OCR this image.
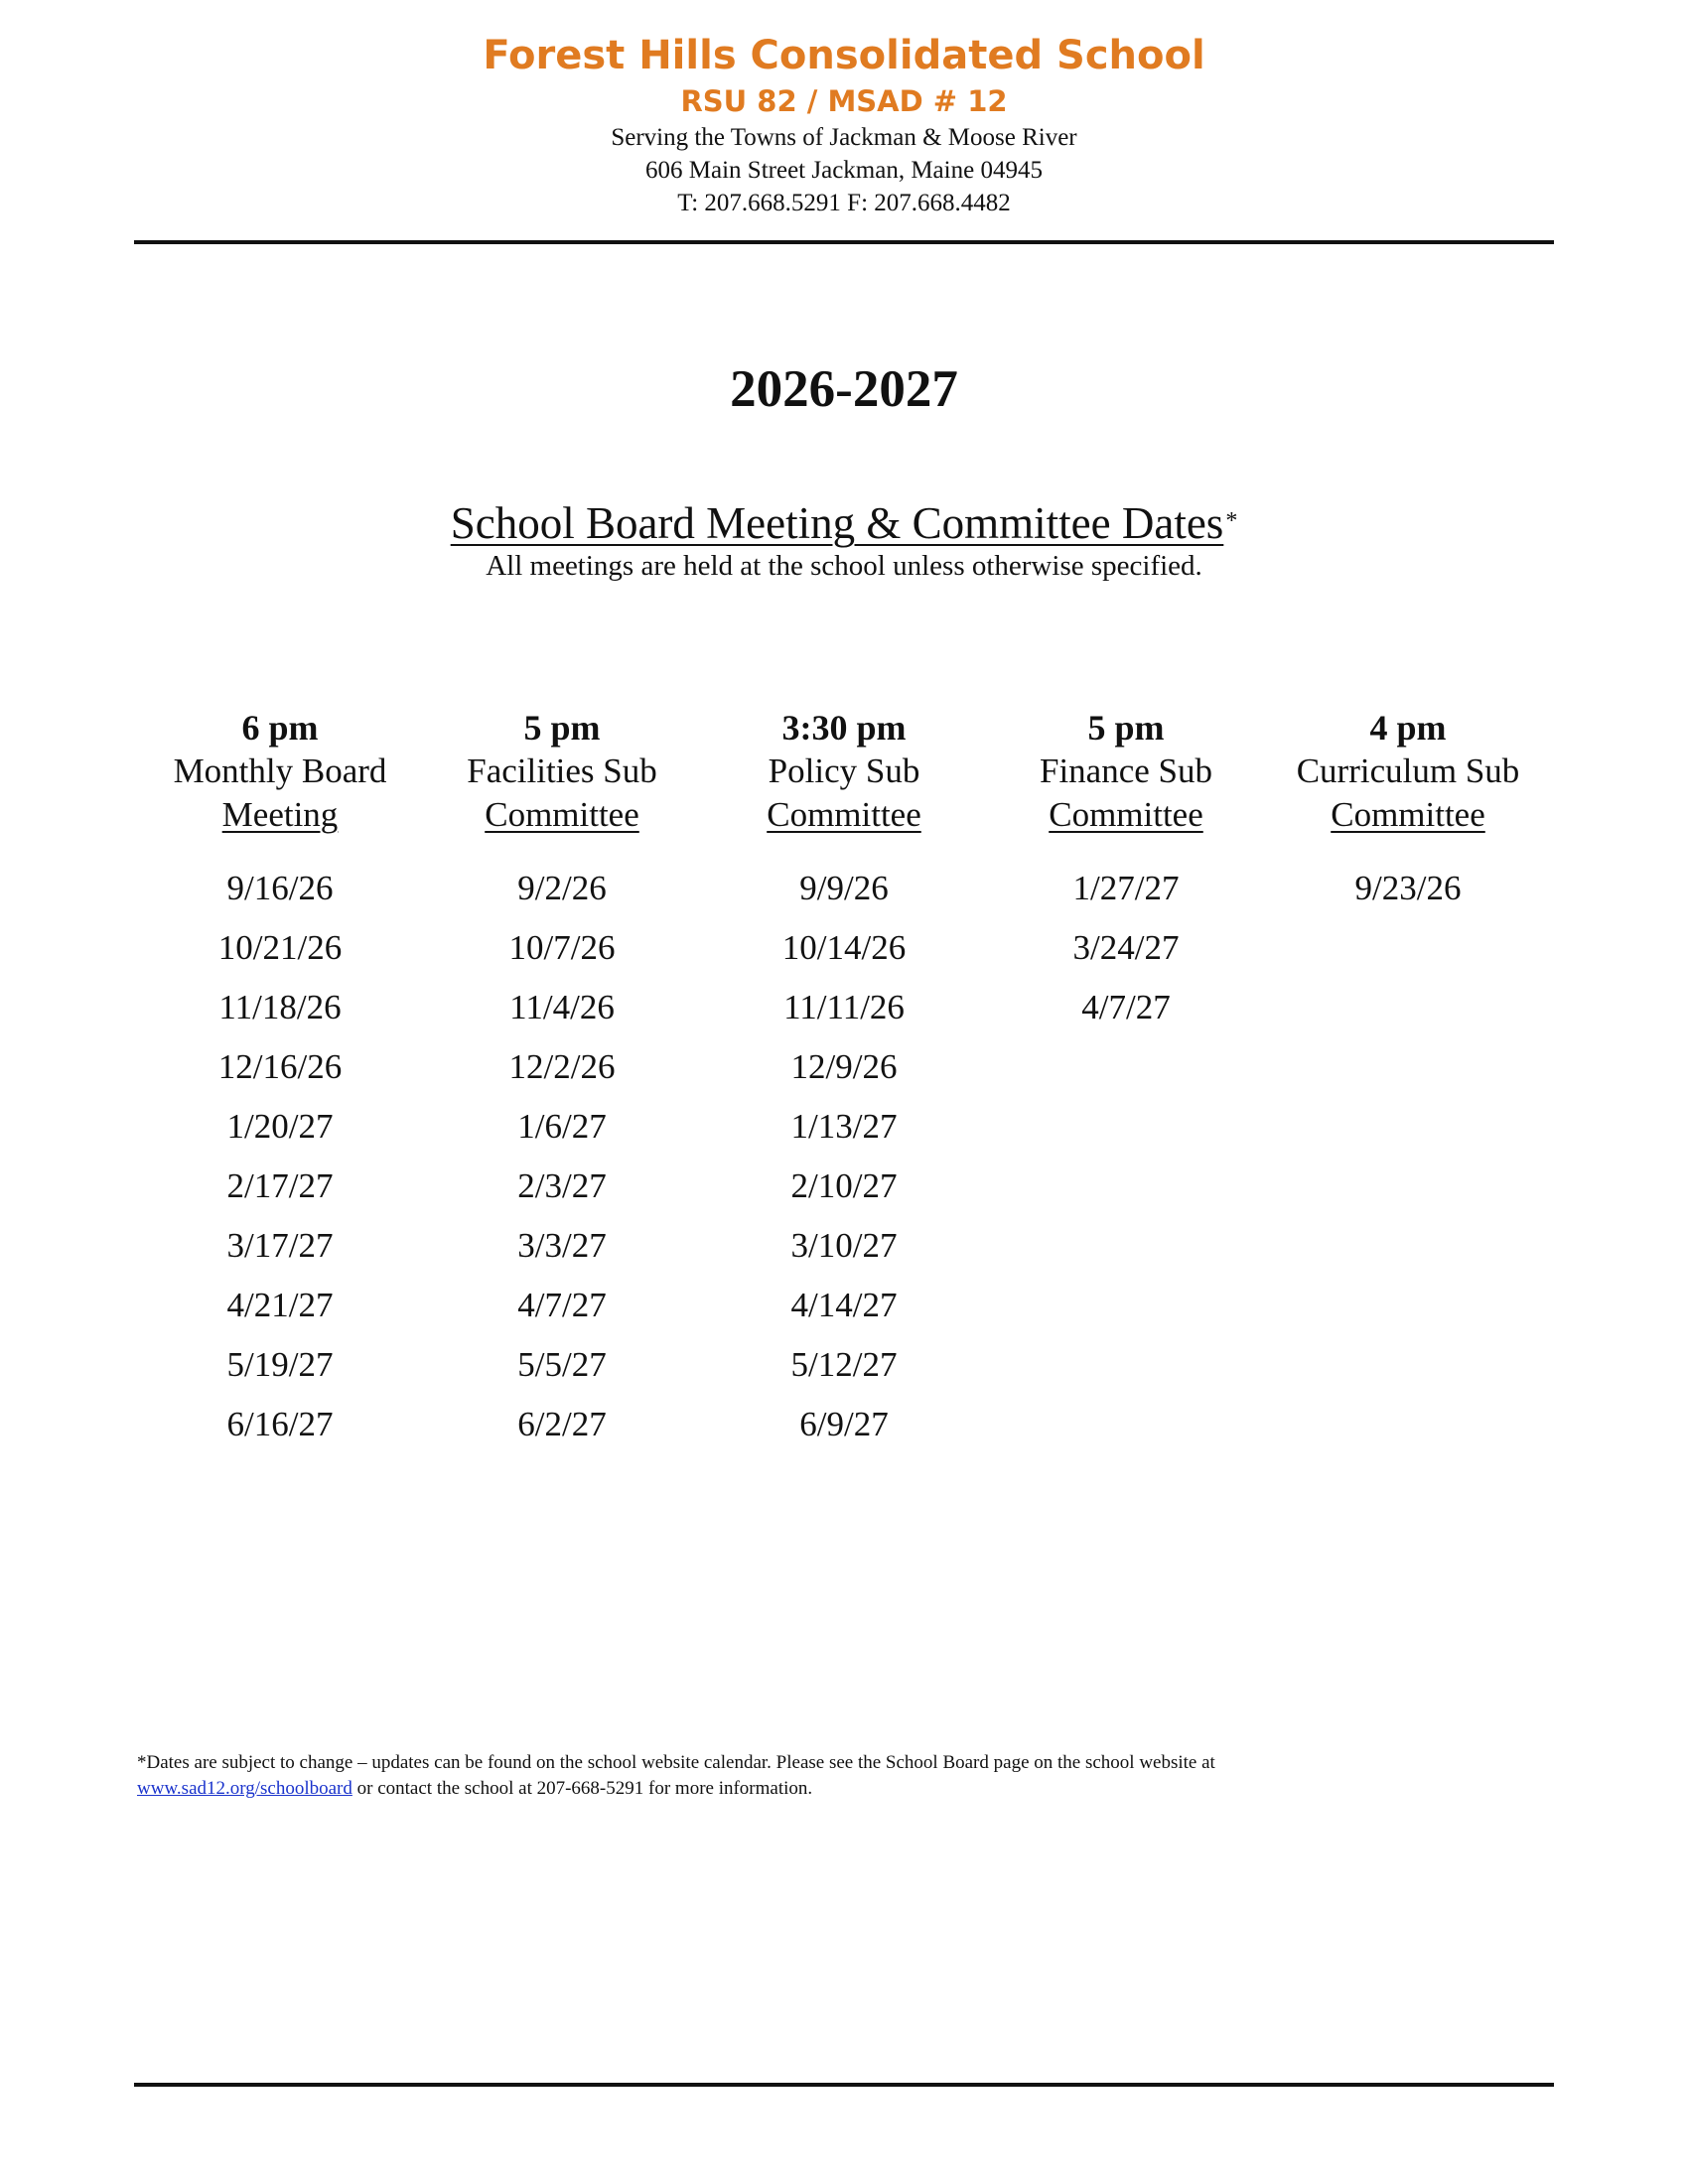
Forest Hills Consolidated School
RSU 82 / MSAD # 12
Serving the Towns of Jackman & Moose River
606 Main Street Jackman, Maine 04945
T: 207.668.5291 F: 207.668.4482
2026-2027
School Board Meeting & Committee Dates*
All meetings are held at the school unless otherwise specified.
6 pm
Monthly Board
Meeting
9/16/26
10/21/26
11/18/26
12/16/26
1/20/27
2/17/27
3/17/27
4/21/27
5/19/27
6/16/27
5 pm
Facilities Sub
Committee
9/2/26
10/7/26
11/4/26
12/2/26
1/6/27
2/3/27
3/3/27
4/7/27
5/5/27
6/2/27
3:30 pm
Policy Sub
Committee
9/9/26
10/14/26
11/11/26
12/9/26
1/13/27
2/10/27
3/10/27
4/14/27
5/12/27
6/9/27
5 pm
Finance Sub
Committee
1/27/27
3/24/27
4/7/27
4 pm
Curriculum Sub
Committee
9/23/26
*Dates are subject to change – updates can be found on the school website calendar. Please see the School Board page on the school website at
www.sad12.org/schoolboard or contact the school at 207-668-5291 for more information.
